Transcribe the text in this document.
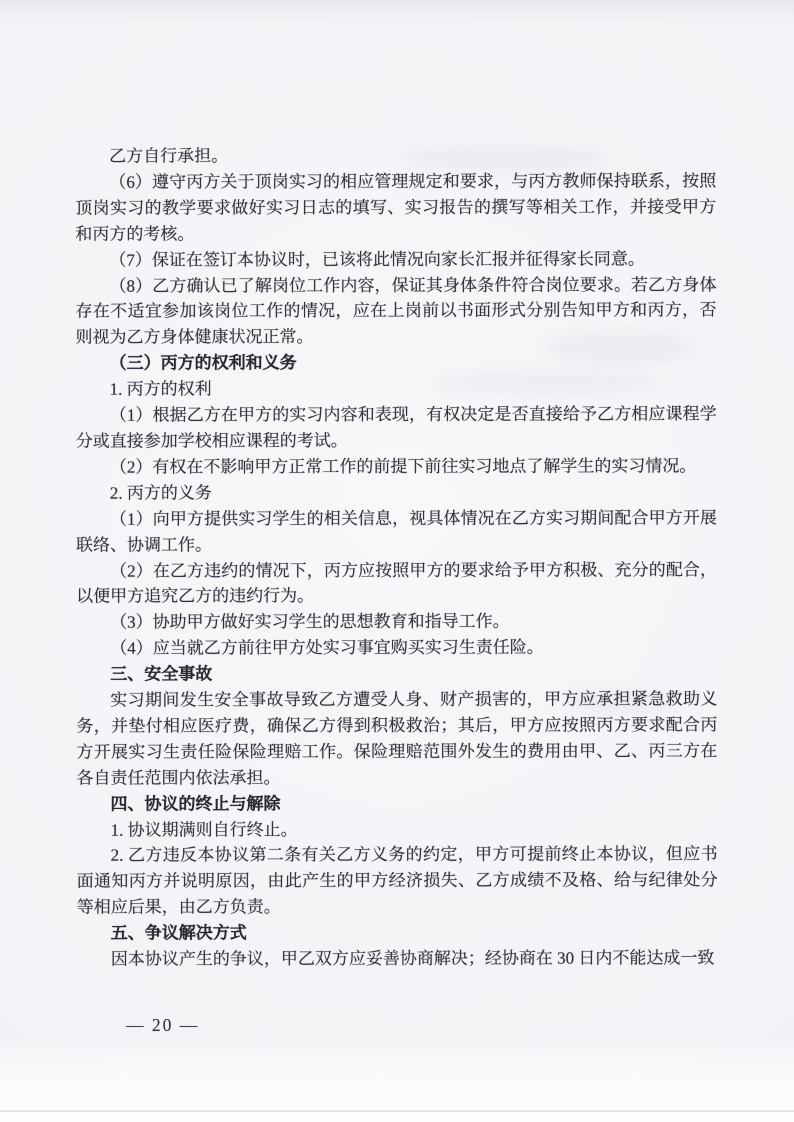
乙方自行承担。

（6）遵守丙方关于顶岗实习的相应管理规定和要求，与丙方教师保持联系，按照顶岗实习的教学要求做好实习日志的填写、实习报告的撰写等相关工作，并接受甲方和丙方的考核。

（7）保证在签订本协议时，已该将此情况向家长汇报并征得家长同意。

（8）乙方确认已了解岗位工作内容，保证其身体条件符合岗位要求。若乙方身体存在不适宜参加该岗位工作的情况，应在上岗前以书面形式分别告知甲方和丙方，否则视为乙方身体健康状况正常。

（三）丙方的权利和义务

1. 丙方的权利

（1）根据乙方在甲方的实习内容和表现，有权决定是否直接给予乙方相应课程学分或直接参加学校相应课程的考试。

（2）有权在不影响甲方正常工作的前提下前往实习地点了解学生的实习情况。

2. 丙方的义务

（1）向甲方提供实习学生的相关信息，视具体情况在乙方实习期间配合甲方开展联络、协调工作。

（2）在乙方违约的情况下，丙方应按照甲方的要求给予甲方积极、充分的配合，以便甲方追究乙方的违约行为。

（3）协助甲方做好实习学生的思想教育和指导工作。

（4）应当就乙方前往甲方处实习事宜购买实习生责任险。

三、安全事故

实习期间发生安全事故导致乙方遭受人身、财产损害的，甲方应承担紧急救助义务，并垫付相应医疗费，确保乙方得到积极救治；其后，甲方应按照丙方要求配合丙方开展实习生责任险保险理赔工作。保险理赔范围外发生的费用由甲、乙、丙三方在各自责任范围内依法承担。

四、协议的终止与解除

1. 协议期满则自行终止。

2. 乙方违反本协议第二条有关乙方义务的约定，甲方可提前终止本协议，但应书面通知丙方并说明原因，由此产生的甲方经济损失、乙方成绩不及格、给与纪律处分等相应后果，由乙方负责。

五、争议解决方式

因本协议产生的争议，甲乙双方应妥善协商解决；经协商在 30 日内不能达成一致

— 20 —
